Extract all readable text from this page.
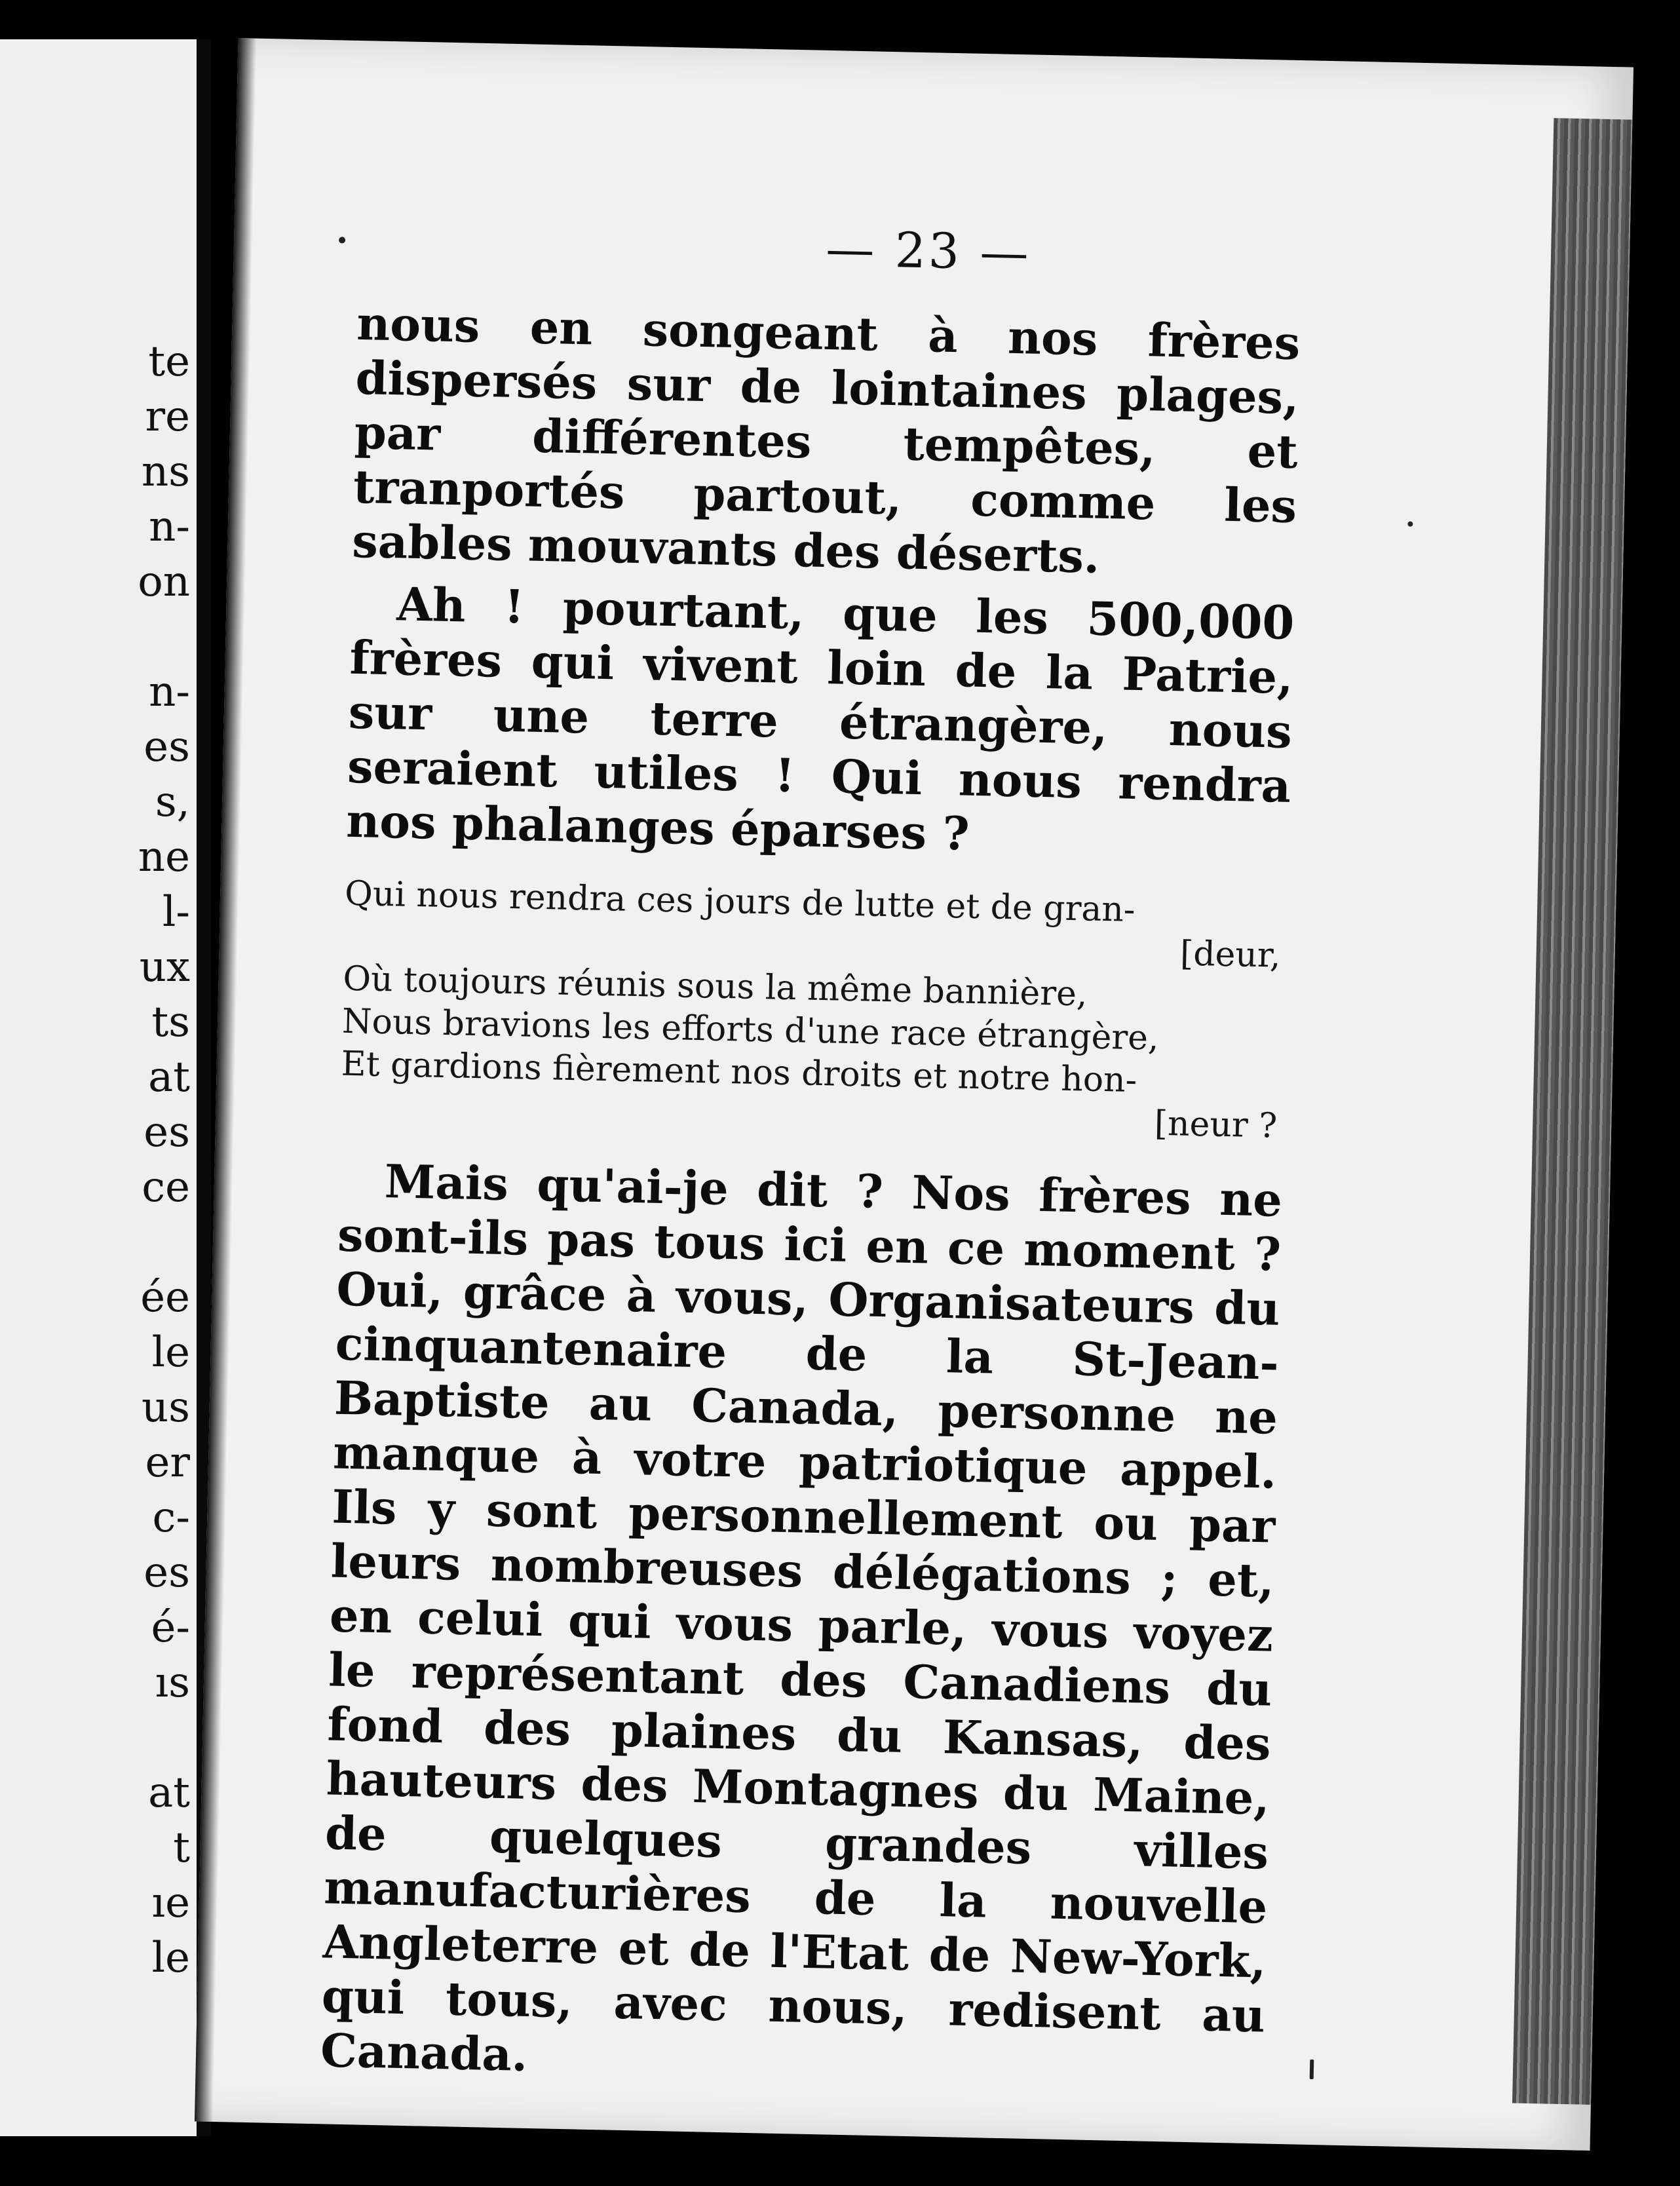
te
re
ns
n-
on
n-
es
s,
ne
l-
ux
ts
at
es
ce
ée
le
us
er
c-
es
é-
ıs
at
t
ıe
le
— 23 —

nous en songeant à nos frères dispersés sur de lointaines plages, par différentes tempêtes, et tranportés partout, comme les sables mouvants des déserts.

Ah ! pourtant, que les 500,000 frères qui vivent loin de la Patrie, sur une terre étrangère, nous seraient utiles ! Qui nous rendra nos phalanges éparses ?

Qui nous rendra ces jours de lutte et de gran-
[deur,
Où toujours réunis sous la même bannière,
Nous bravions les efforts d'une race étrangère,
Et gardions fièrement nos droits et notre hon-
[neur ?

Mais qu'ai-je dit ? Nos frères ne sont-ils pas tous ici en ce moment ? Oui, grâce à vous, Organisateurs du cinquantenaire de la St-Jean-Baptiste au Canada, personne ne manque à votre patriotique appel. Ils y sont personnellement ou par leurs nombreuses délégations ; et, en celui qui vous parle, vous voyez le représentant des Canadiens du fond des plaines du Kansas, des hauteurs des Montagnes du Maine, de quelques grandes villes manufacturières de la nouvelle Angleterre et de l'Etat de New-York, qui tous, avec nous, redisent au Canada.
